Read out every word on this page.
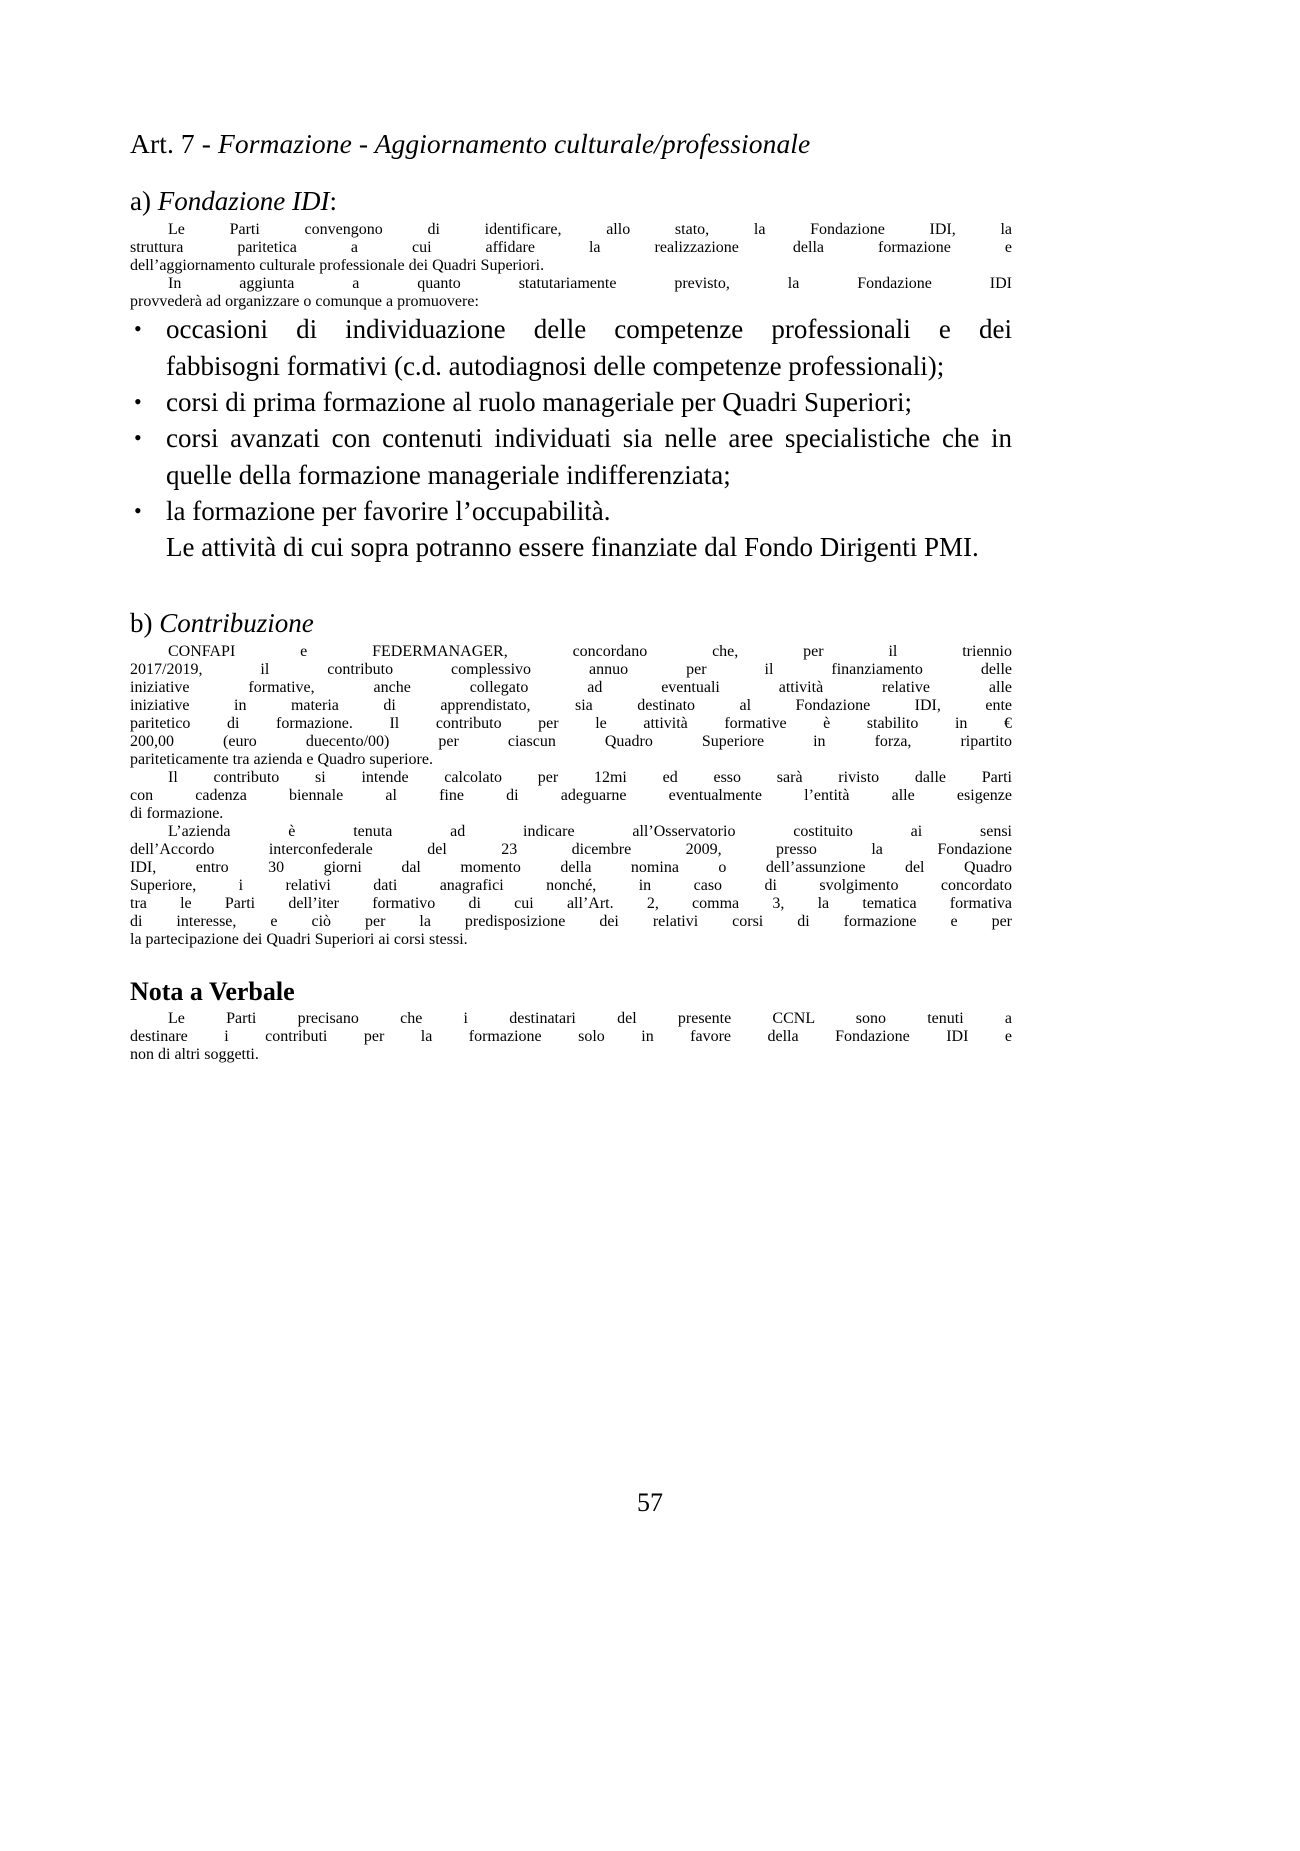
Art. 7 - Formazione - Aggiornamento culturale/professionale
a) Fondazione IDI:
Le Parti convengono di identificare, allo stato, la Fondazione IDI, la
struttura paritetica a cui affidare la realizzazione della formazione e
dell’aggiornamento culturale professionale dei Quadri Superiori.
In aggiunta a quanto statutariamente previsto, la Fondazione IDI
provvederà ad organizzare o comunque a promuovere:
• occasioni di individuazione delle competenze professionali e dei
fabbisogni formativi (c.d. autodiagnosi delle competenze professionali);
• corsi di prima formazione al ruolo manageriale per Quadri Superiori;
• corsi avanzati con contenuti individuati sia nelle aree specialistiche che in
quelle della formazione manageriale indifferenziata;
• la formazione per favorire l’occupabilità.
Le attività di cui sopra potranno essere finanziate dal Fondo Dirigenti PMI.
b) Contribuzione
CONFAPI e FEDERMANAGER, concordano che, per il triennio
2017/2019, il contributo complessivo annuo per il finanziamento delle
iniziative formative, anche collegato ad eventuali attività relative alle
iniziative in materia di apprendistato, sia destinato al Fondazione IDI, ente
paritetico di formazione. Il contributo per le attività formative è stabilito in €
200,00 (euro duecento/00) per ciascun Quadro Superiore in forza, ripartito
pariteticamente tra azienda e Quadro superiore.
Il contributo si intende calcolato per 12mi ed esso sarà rivisto dalle Parti
con cadenza biennale al fine di adeguarne eventualmente l’entità alle esigenze
di formazione.
L’azienda è tenuta ad indicare all’Osservatorio costituito ai sensi
dell’Accordo interconfederale del 23 dicembre 2009, presso la Fondazione
IDI, entro 30 giorni dal momento della nomina o dell’assunzione del Quadro
Superiore, i relativi dati anagrafici nonché, in caso di svolgimento concordato
tra le Parti dell’iter formativo di cui all’Art. 2, comma 3, la tematica formativa
di interesse, e ciò per la predisposizione dei relativi corsi di formazione e per
la partecipazione dei Quadri Superiori ai corsi stessi.
Nota a Verbale
Le Parti precisano che i destinatari del presente CCNL sono tenuti a
destinare i contributi per la formazione solo in favore della Fondazione IDI e
non di altri soggetti.
57
